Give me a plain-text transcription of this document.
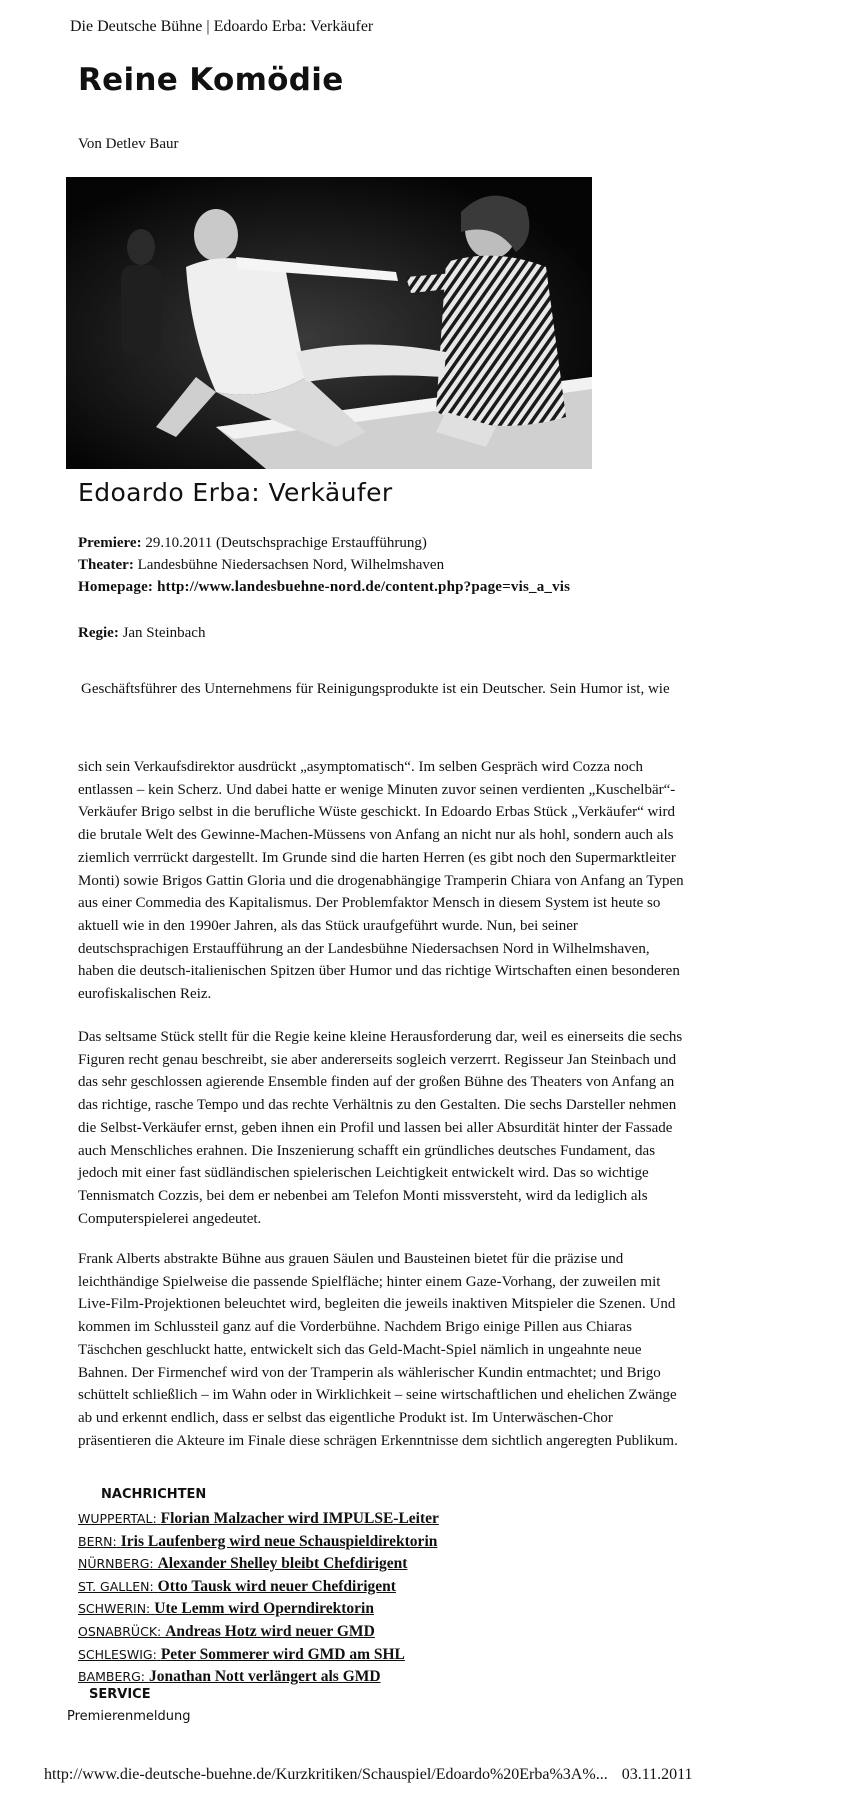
Die Deutsche Bühne | Edoardo Erba: Verkäufer
Reine Komödie
Von Detlev Baur
Edoardo Erba: Verkäufer
Premiere: 29.10.2011 (Deutschsprachige Erstaufführung)
Theater: Landesbühne Niedersachsen Nord, Wilhelmshaven
Homepage: http://www.landesbuehne-nord.de/content.php?page=vis_a_vis
Regie: Jan Steinbach
Geschäftsführer des Unternehmens für Reinigungsprodukte ist ein Deutscher. Sein Humor ist, wie

sich sein Verkaufsdirektor ausdrückt „asymptomatisch“. Im selben Gespräch wird Cozza noch
entlassen – kein Scherz. Und dabei hatte er wenige Minuten zuvor seinen verdienten „Kuschelbär“-
Verkäufer Brigo selbst in die berufliche Wüste geschickt. In Edoardo Erbas Stück „Verkäufer“ wird
die brutale Welt des Gewinne-Machen-Müssens von Anfang an nicht nur als hohl, sondern auch als
ziemlich verrrückt dargestellt. Im Grunde sind die harten Herren (es gibt noch den Supermarktleiter
Monti) sowie Brigos Gattin Gloria und die drogenabhängige Tramperin Chiara von Anfang an Typen
aus einer Commedia des Kapitalismus. Der Problemfaktor Mensch in diesem System ist heute so
aktuell wie in den 1990er Jahren, als das Stück uraufgeführt wurde. Nun, bei seiner
deutschsprachigen Erstaufführung an der Landesbühne Niedersachsen Nord in Wilhelmshaven,
haben die deutsch-italienischen Spitzen über Humor und das richtige Wirtschaften einen besonderen
eurofiskalischen Reiz.

Das seltsame Stück stellt für die Regie keine kleine Herausforderung dar, weil es einerseits die sechs
Figuren recht genau beschreibt, sie aber andererseits sogleich verzerrt. Regisseur Jan Steinbach und
das sehr geschlossen agierende Ensemble finden auf der großen Bühne des Theaters von Anfang an
das richtige, rasche Tempo und das rechte Verhältnis zu den Gestalten. Die sechs Darsteller nehmen
die Selbst-Verkäufer ernst, geben ihnen ein Profil und lassen bei aller Absurdität hinter der Fassade
auch Menschliches erahnen. Die Inszenierung schafft ein gründliches deutsches Fundament, das
jedoch mit einer fast südländischen spielerischen Leichtigkeit entwickelt wird. Das so wichtige
Tennismatch Cozzis, bei dem er nebenbei am Telefon Monti missversteht, wird da lediglich als
Computerspielerei angedeutet.

Frank Alberts abstrakte Bühne aus grauen Säulen und Bausteinen bietet für die präzise und
leichthändige Spielweise die passende Spielfläche; hinter einem Gaze-Vorhang, der zuweilen mit
Live-Film-Projektionen beleuchtet wird, begleiten die jeweils inaktiven Mitspieler die Szenen. Und
kommen im Schlussteil ganz auf die Vorderbühne. Nachdem Brigo einige Pillen aus Chiaras
Täschchen geschluckt hatte, entwickelt sich das Geld-Macht-Spiel nämlich in ungeahnte neue
Bahnen. Der Firmenchef wird von der Tramperin als wählerischer Kundin entmachtet; und Brigo
schüttelt schließlich – im Wahn oder in Wirklichkeit – seine wirtschaftlichen und ehelichen Zwänge
ab und erkennt endlich, dass er selbst das eigentliche Produkt ist. Im Unterwäschen-Chor
präsentieren die Akteure im Finale diese schrägen Erkenntnisse dem sichtlich angeregten Publikum.

NACHRICHTEN
WUPPERTAL: Florian Malzacher wird IMPULSE-Leiter
BERN: Iris Laufenberg wird neue Schauspieldirektorin
NÜRNBERG: Alexander Shelley bleibt Chefdirigent
ST. GALLEN: Otto Tausk wird neuer Chefdirigent
SCHWERIN: Ute Lemm wird Operndirektorin
OSNABRÜCK: Andreas Hotz wird neuer GMD
SCHLESWIG: Peter Sommerer wird GMD am SHL
BAMBERG: Jonathan Nott verlängert als GMD
SERVICE
Premierenmeldung
http://www.die-deutsche-buehne.de/Kurzkritiken/Schauspiel/Edoardo%20Erba%3A%... 03.11.2011
